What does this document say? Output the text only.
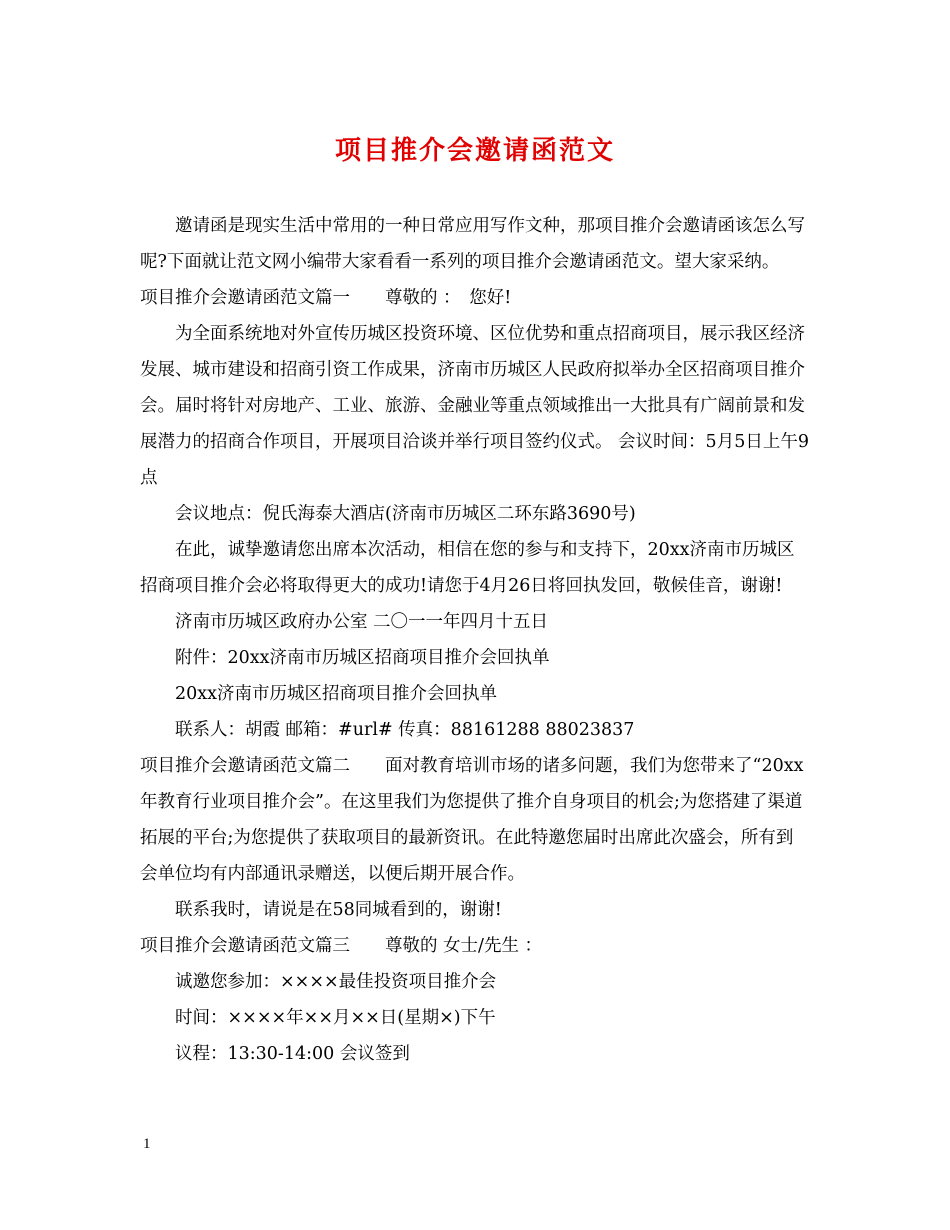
项目推介会邀请函范文

邀请函是现实生活中常用的一种日常应用写作文种，那项目推介会邀请函该怎么写呢?下面就让范文网小编带大家看看一系列的项目推介会邀请函范文。望大家采纳。

项目推介会邀请函范文篇一　　尊敬的 ：　您好!

为全面系统地对外宣传历城区投资环境、区位优势和重点招商项目，展示我区经济发展、城市建设和招商引资工作成果，济南市历城区人民政府拟举办全区招商项目推介会。届时将针对房地产、工业、旅游、金融业等重点领域推出一大批具有广阔前景和发展潜力的招商合作项目，开展项目洽谈并举行项目签约仪式。 会议时间：5月5日上午9点

会议地点：倪氏海泰大酒店(济南市历城区二环东路3690号)

在此，诚挚邀请您出席本次活动，相信在您的参与和支持下，20xx济南市历城区招商项目推介会必将取得更大的成功!请您于4月26日将回执发回，敬候佳音，谢谢!

济南市历城区政府办公室 二〇一一年四月十五日

附件：20xx济南市历城区招商项目推介会回执单

20xx济南市历城区招商项目推介会回执单

联系人：胡霞 邮箱：#url# 传真：88161288 88023837

项目推介会邀请函范文篇二　　面对教育培训市场的诸多问题，我们为您带来了“20xx年教育行业项目推介会”。在这里我们为您提供了推介自身项目的机会;为您搭建了渠道拓展的平台;为您提供了获取项目的最新资讯。在此特邀您届时出席此次盛会，所有到会单位均有内部通讯录赠送，以便后期开展合作。

联系我时，请说是在58同城看到的，谢谢!

项目推介会邀请函范文篇三　　尊敬的 女士/先生 ：

诚邀您参加：××××最佳投资项目推介会

时间：××××年××月××日(星期×)下午

议程：13:30-14:00 会议签到

1
